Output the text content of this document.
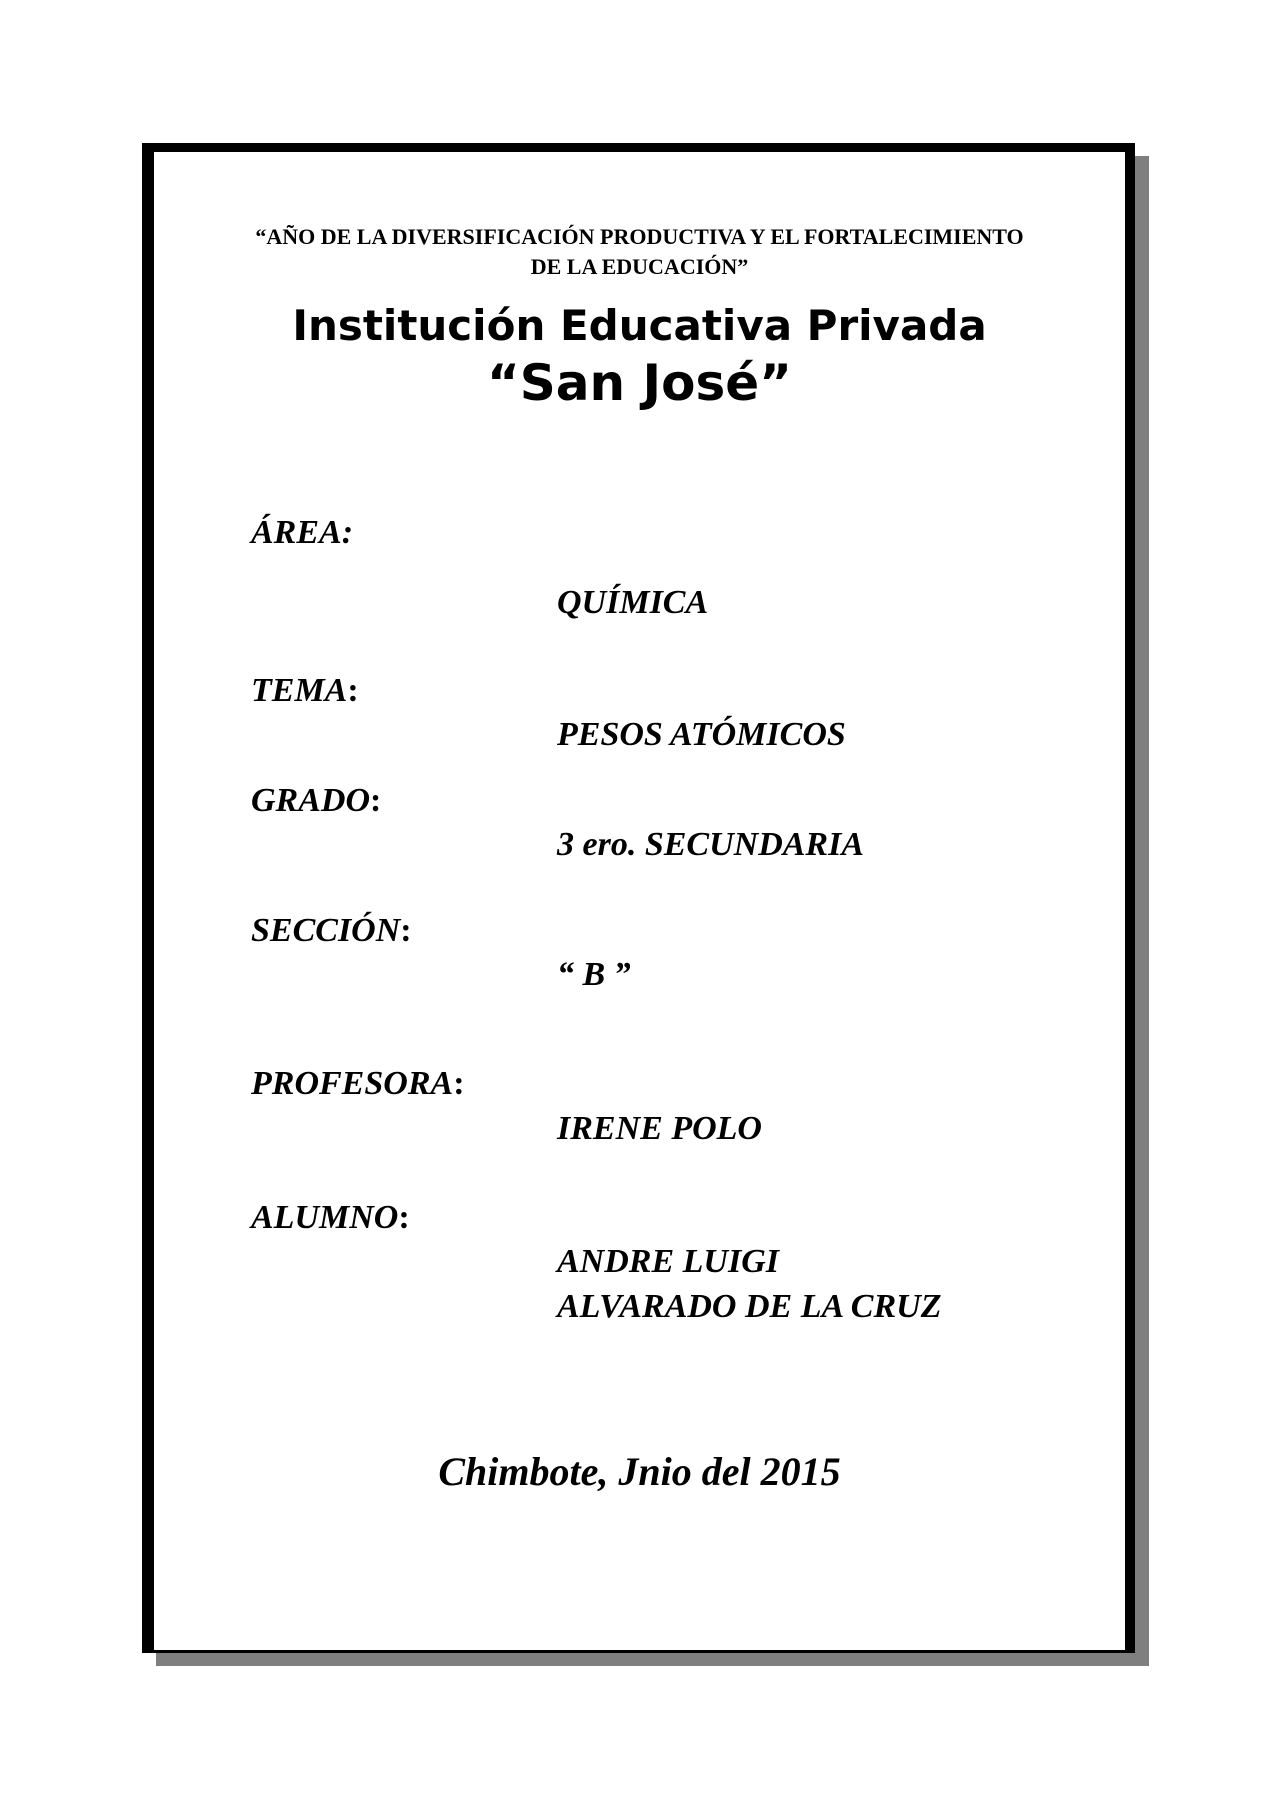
“AÑO DE LA DIVERSIFICACIÓN PRODUCTIVA Y EL FORTALECIMIENTO
DE LA EDUCACIÓN”
Institución Educativa Privada
“San José”
ÁREA:
QUÍMICA
TEMA:
PESOS ATÓMICOS
GRADO:
3 ero. SECUNDARIA
SECCIÓN:
“ B ”
PROFESORA:
IRENE POLO
ALUMNO:
ANDRE LUIGI
ALVARADO DE LA CRUZ
Chimbote, Jnio del 2015
